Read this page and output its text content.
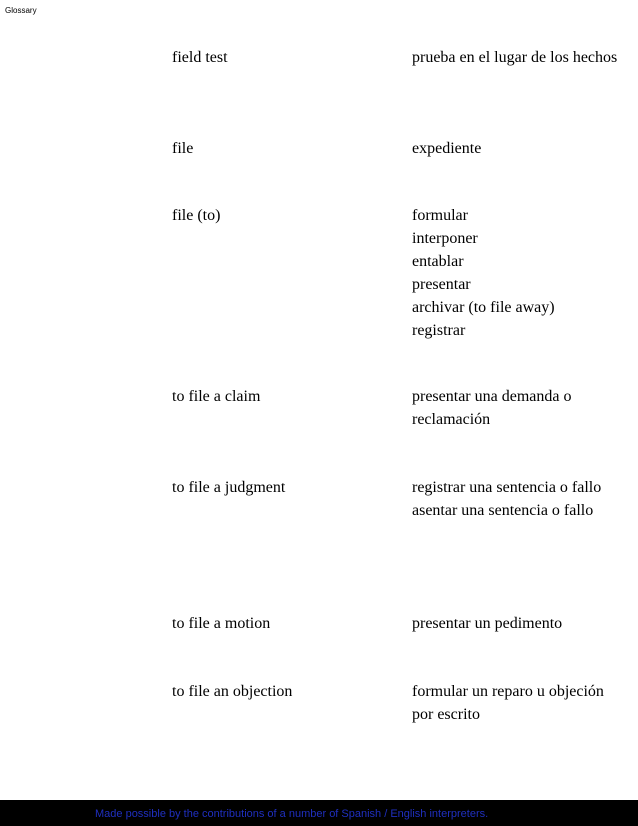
Glossary
field test	prueba en el lugar de los hechos
file	expediente
file (to)	formular
interponer
entablar
presentar
archivar (to file away)
registrar
to file a claim	presentar una demanda o reclamación
to file a judgment	registrar una sentencia o fallo
asentar una sentencia o fallo
to file a motion	presentar un pedimento
to file an objection	formular un reparo u objeción por escrito
Made possible by the contributions of a number of Spanish / English interpreters.
